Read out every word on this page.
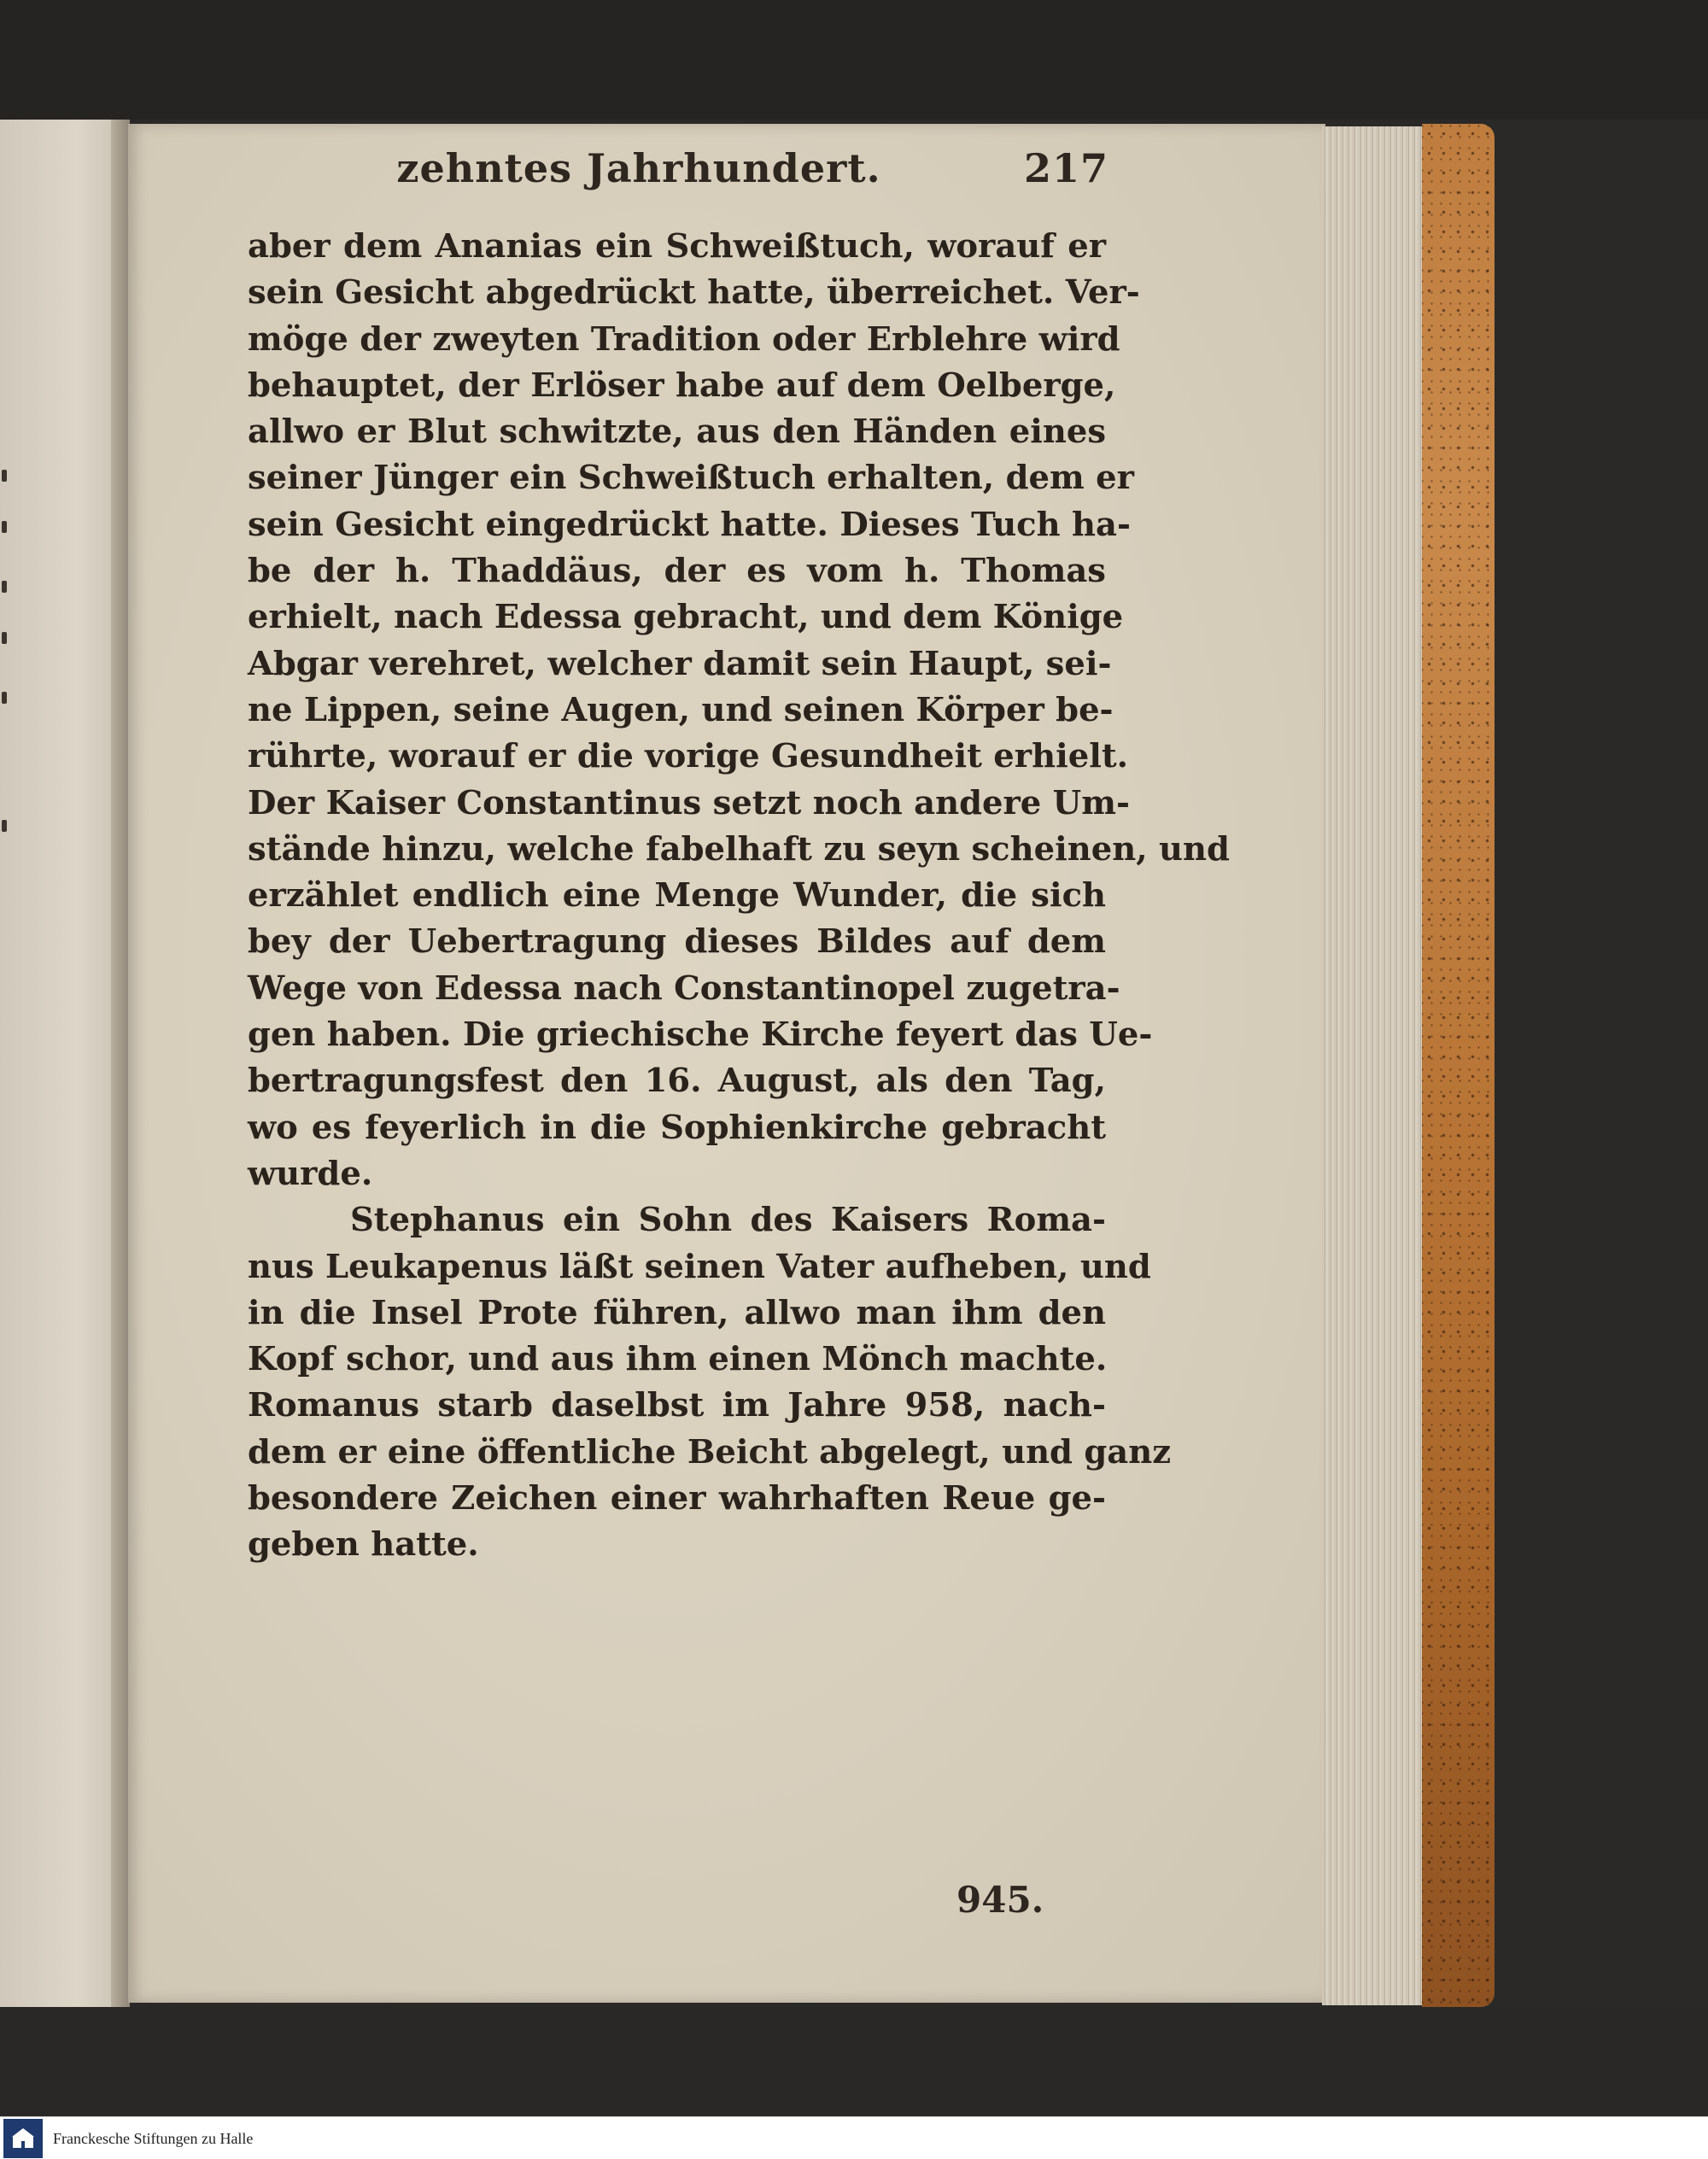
zehntes Jahrhundert.	217
aber dem Ananias ein Schweißtuch, worauf er
sein Gesicht abgedrückt hatte, überreichet. Ver-
möge der zweyten Tradition oder Erblehre wird
behauptet, der Erlöser habe auf dem Oelberge,
allwo er Blut schwitzte, aus den Händen eines
seiner Jünger ein Schweißtuch erhalten, dem er
sein Gesicht eingedrückt hatte. Dieses Tuch ha-
be der h. Thaddäus, der es vom h. Thomas
erhielt, nach Edessa gebracht, und dem Könige
Abgar verehret, welcher damit sein Haupt, sei-
ne Lippen, seine Augen, und seinen Körper be-
rührte, worauf er die vorige Gesundheit erhielt.
Der Kaiser Constantinus setzt noch andere Um-
stände hinzu, welche fabelhaft zu seyn scheinen, und
erzählet endlich eine Menge Wunder, die sich
bey der Uebertragung dieses Bildes auf dem
Wege von Edessa nach Constantinopel zugetra-
gen haben. Die griechische Kirche feyert das Ue-
bertragungsfest den 16. August, als den Tag,
wo es feyerlich in die Sophienkirche gebracht
wurde.
Stephanus ein Sohn des Kaisers Roma-
nus Leukapenus läßt seinen Vater aufheben, und
in die Insel Prote führen, allwo man ihm den
Kopf schor, und aus ihm einen Mönch machte.
Romanus starb daselbst im Jahre 958, nach-
dem er eine öffentliche Beicht abgelegt, und ganz
besondere Zeichen einer wahrhaften Reue ge-
geben hatte.
945.
Franckesche Stiftungen zu Halle
